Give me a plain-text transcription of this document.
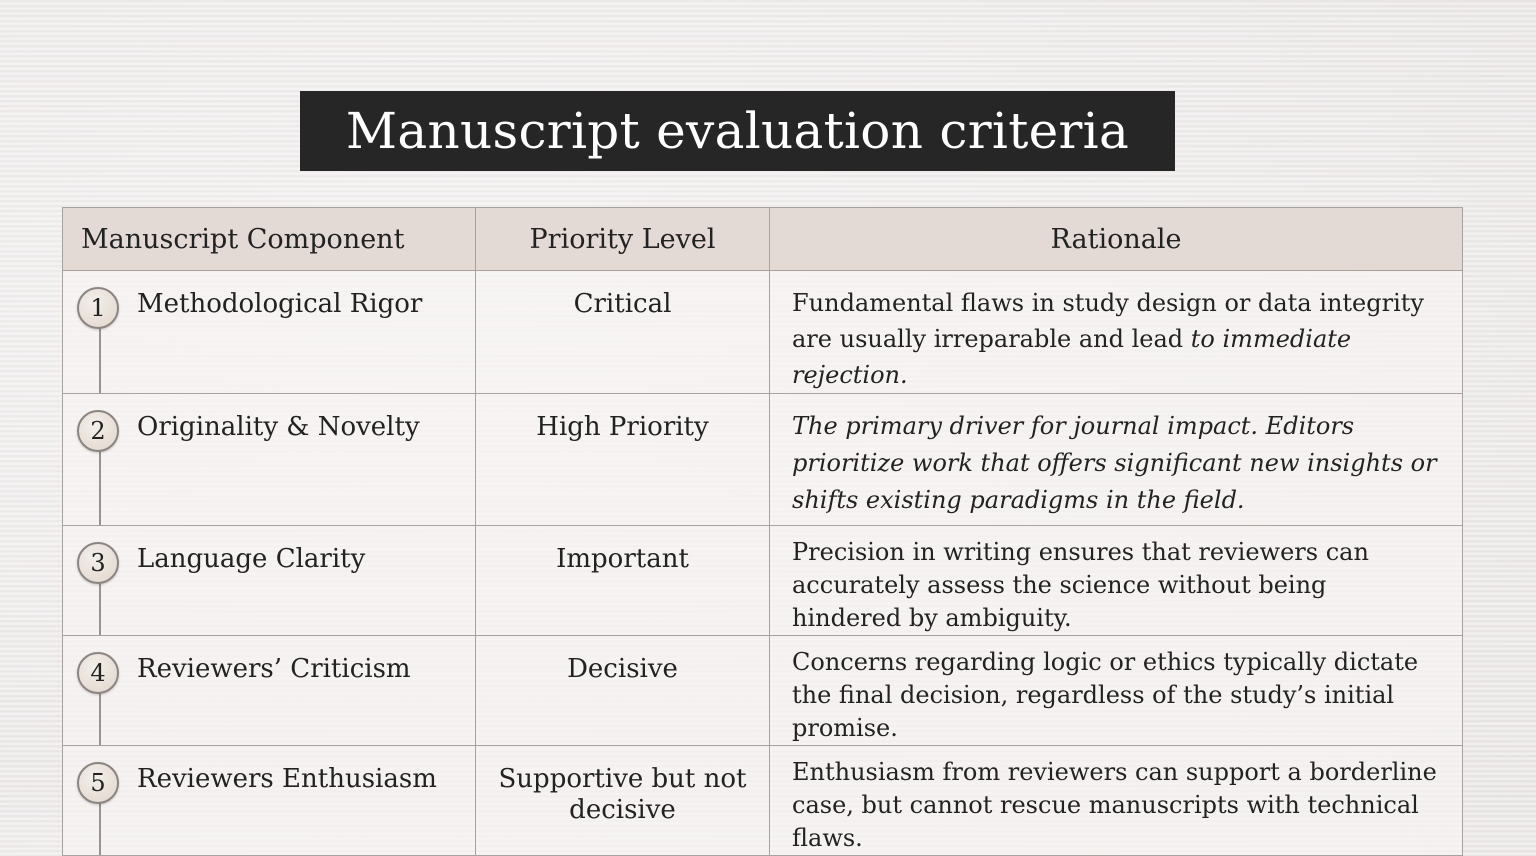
Manuscript evaluation criteria
Manuscript Component	Priority Level	Rationale

1 Methodological Rigor	Critical	Fundamental flaws in study design or data integrity are usually irreparable and lead to immediate rejection.

2 Originality & Novelty	High Priority	The primary driver for journal impact. Editors prioritize work that offers significant new insights or shifts existing paradigms in the field.

3 Language Clarity	Important	Precision in writing ensures that reviewers can accurately assess the science without being hindered by ambiguity.

4 Reviewers’ Criticism	Decisive	Concerns regarding logic or ethics typically dictate the final decision, regardless of the study’s initial promise.

5 Reviewers Enthusiasm	Supportive but not decisive	Enthusiasm from reviewers can support a borderline case, but cannot rescue manuscripts with technical flaws.
